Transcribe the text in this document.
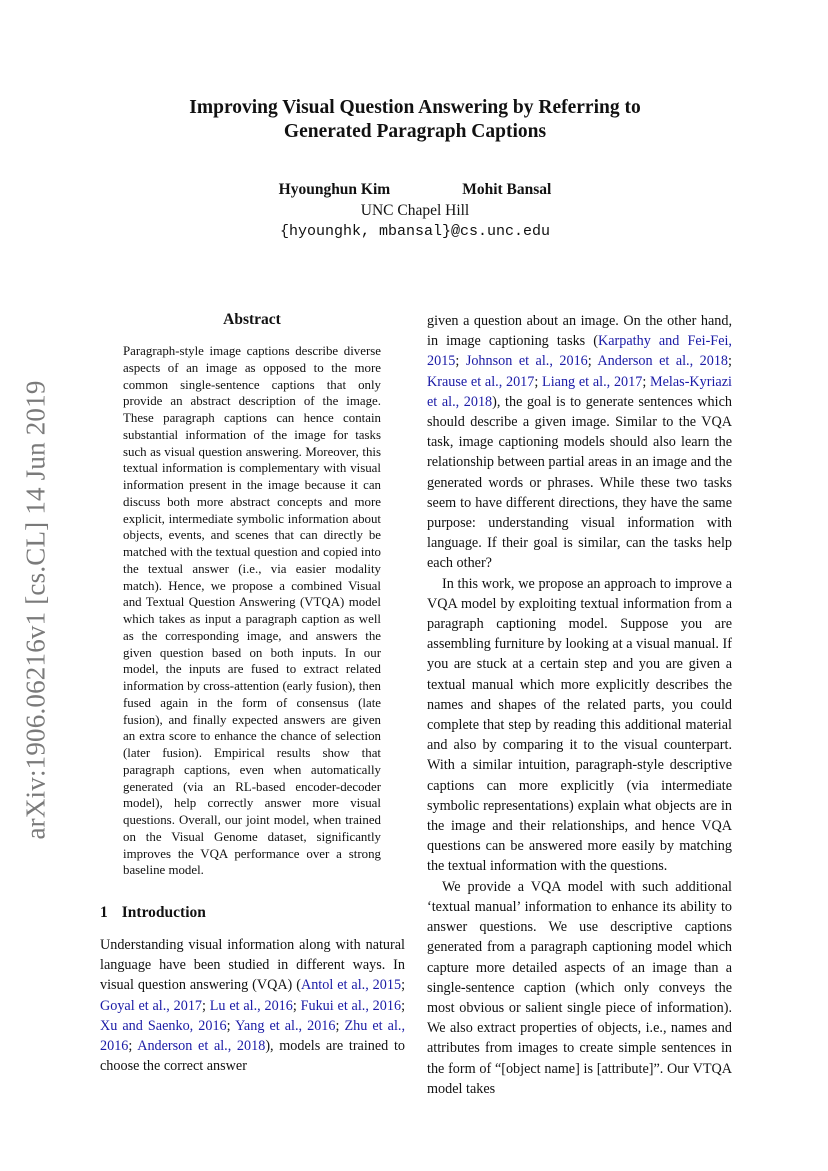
arXiv:1906.06216v1 [cs.CL] 14 Jun 2019
Improving Visual Question Answering by Referring to
Generated Paragraph Captions
Hyounghun Kim	Mohit Bansal
UNC Chapel Hill
{hyounghk, mbansal}@cs.unc.edu
Abstract

Paragraph-style image captions describe diverse aspects of an image as opposed to the more common single-sentence captions that only provide an abstract description of the image. These paragraph captions can hence contain substantial information of the image for tasks such as visual question answering. Moreover, this textual information is complementary with visual information present in the image because it can discuss both more abstract concepts and more explicit, intermediate symbolic information about objects, events, and scenes that can directly be matched with the textual question and copied into the textual answer (i.e., via easier modality match). Hence, we propose a combined Visual and Textual Question Answering (VTQA) model which takes as input a paragraph caption as well as the corresponding image, and answers the given question based on both inputs. In our model, the inputs are fused to extract related information by cross-attention (early fusion), then fused again in the form of consensus (late fusion), and finally expected answers are given an extra score to enhance the chance of selection (later fusion). Empirical results show that paragraph captions, even when automatically generated (via an RL-based encoder-decoder model), help correctly answer more visual questions. Overall, our joint model, when trained on the Visual Genome dataset, significantly improves the VQA performance over a strong baseline model.

1 Introduction

Understanding visual information along with natural language have been studied in different ways. In visual question answering (VQA) (Antol et al., 2015; Goyal et al., 2017; Lu et al., 2016; Fukui et al., 2016; Xu and Saenko, 2016; Yang et al., 2016; Zhu et al., 2016; Anderson et al., 2018), models are trained to choose the correct answer

given a question about an image. On the other hand, in image captioning tasks (Karpathy and Fei-Fei, 2015; Johnson et al., 2016; Anderson et al., 2018; Krause et al., 2017; Liang et al., 2017; Melas-Kyriazi et al., 2018), the goal is to generate sentences which should describe a given image. Similar to the VQA task, image captioning models should also learn the relationship between partial areas in an image and the generated words or phrases. While these two tasks seem to have different directions, they have the same purpose: understanding visual information with language. If their goal is similar, can the tasks help each other?

In this work, we propose an approach to improve a VQA model by exploiting textual information from a paragraph captioning model. Suppose you are assembling furniture by looking at a visual manual. If you are stuck at a certain step and you are given a textual manual which more explicitly describes the names and shapes of the related parts, you could complete that step by reading this additional material and also by comparing it to the visual counterpart. With a similar intuition, paragraph-style descriptive captions can more explicitly (via intermediate symbolic representations) explain what objects are in the image and their relationships, and hence VQA questions can be answered more easily by matching the textual information with the questions.

We provide a VQA model with such additional ‘textual manual’ information to enhance its ability to answer questions. We use descriptive captions generated from a paragraph captioning model which capture more detailed aspects of an image than a single-sentence caption (which only conveys the most obvious or salient single piece of information). We also extract properties of objects, i.e., names and attributes from images to create simple sentences in the form of “[object name] is [attribute]”. Our VTQA model takes
